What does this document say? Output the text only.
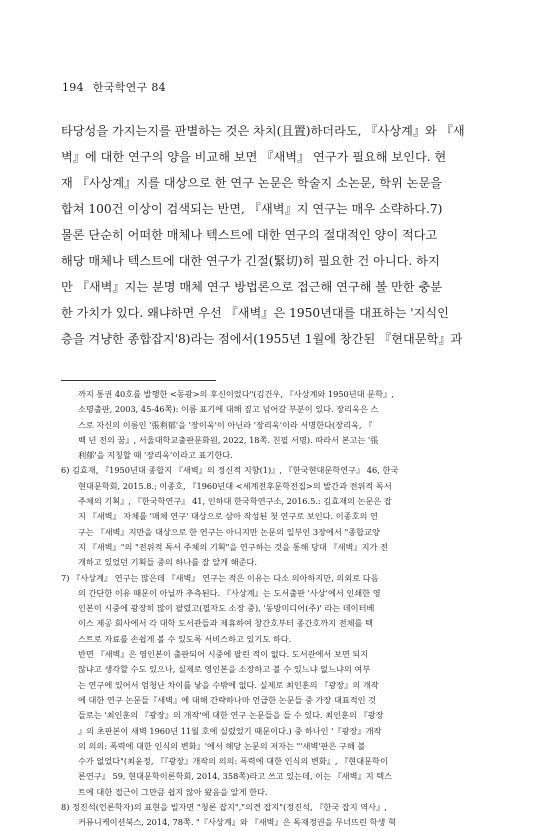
194 한국학연구 84
타당성을 가지는지를 판별하는 것은 차치(且置)하더라도, 『사상계』와 『새
벽』에 대한 연구의 양을 비교해 보면 『새벽』 연구가 필요해 보인다. 현
재 『사상계』지를 대상으로 한 연구 논문은 학술지 소논문, 학위 논문을
합쳐 100건 이상이 검색되는 반면, 『새벽』지 연구는 매우 소략하다.7)
물론 단순히 어떠한 매체나 텍스트에 대한 연구의 절대적인 양이 적다고
해당 매체나 텍스트에 대한 연구가 긴절(緊切)히 필요한 건 아니다. 하지
만 『새벽』지는 분명 매체 연구 방법론으로 접근해 연구해 볼 만한 충분
한 가치가 있다. 왜냐하면 우선 『새벽』은 1950년대를 대표하는 '지식인
층을 겨냥한 종합잡지'8)라는 점에서(1955년 1월에 창간된 『현대문학』과
까지 통권 40호를 발행한 <동광>의 후신이었다"(김건우, 『사상계와 1950년대 문학』,
소명출판, 2003, 45-46쪽): 이름 표기에 대해 짚고 넘어갈 부분이 있다. 장리욱은 스
스로 자신의 이름인 '張利郁'을 '장이욱'이 아닌라 '장리욱'이라 서명한다(장리욱, 『
백 년 전의 꿈』, 서울대학교출판문화원, 2022, 18쪽. 친필 서명). 따라서 본고는 '張
利郁'을 지칭할 때 '장리욱'이라고 표기한다.
6) 김효재, 『1950년대 종합지 『새벽』의 정신적 지향(1)』, 『한국현대문학연구』 46, 한국
현대문학회, 2015.8.; 이종호, 『1960년대 <세계전후문학전집>의 발간과 전위적 독서
주체의 기획』, 『한국학연구』 41, 인하대 한국학연구소, 2016.5.: 김효재의 논문은 잡
지 『새벽』 자체를 '매체 연구' 대상으로 삼아 작성된 첫 연구로 보인다. 이종호의 연
구는 『새벽』지만을 대상으로 한 연구는 아니지만 논문의 일부인 3장에서 "종합교양
지 『새벽』"의 "전위적 독서 주체의 기획"을 연구하는 것을 통해 당대 『새벽』지가 전
개하고 있었던 기획들 중의 하나를 잘 알게 해준다.
7) 『사상계』 연구는 많은데 『새벽』 연구는 적은 이유는 다소 의아하지만, 의외로 다음
의 간단한 이유 때문이 아닐까 추측된다. 『사상계』는 도서출판 '사상'에서 인쇄한 영
인본이 시중에 광장히 많이 팔렸고(필자도 소장 중), '동방미디어(주)' 라는 데이터베
이스 제공 회사에서 각 대학 도서관들과 제휴하여 창간호부터 종간호까지 전체를 텍
스트로 자료를 손쉽게 볼 수 있도록 서비스하고 있기도 하다.
반면 『새벽』은 영인본이 출판되어 시중에 팔린 적이 없다. 도서관에서 보면 되지
않냐고 생각할 수도 있으나, 실제로 영인본을 소장하고 볼 수 있느냐 없느냐의 여부
는 연구에 있어서 엄청난 차이를 낳을 수밖에 없다. 실제로 최인훈의 『광장』의 개작
에 대한 연구 논문들『새벽』에 대해 간략하나마 언급한 논문들 중 가장 대표적인 것
들로는 '최인훈의 『광장』의 개작'에 대한 연구 논문들을 들 수 있다. 최인훈의 『광장
』의 초판본이 새벽 1960년 11월 호에 실렸었기 때문이다.) 중 하나인 '『광장』개작
의 의의: 폭력에 대한 인식의 변화』'에서 해당 논문의 저자는 "'새벽'판은 구해 볼
수가 없었다"(최윤정, 『『광장』개작의 의의: 폭력에 대한 인식의 변화』, 『현대문학이
론연구』 59, 현대문학이론학회, 2014, 358쪽)라고 쓰고 있는데, 이는 『새벽』지 텍스
트에 대한 접근이 그만큼 쉽지 않아 왔음을 알게 한다.
8) 정진석(언론학자)의 표현을 빌자면 "청론 잡지","의견 잡지"(정진석, 『한국 잡지 역사』,
커뮤니케이션북스, 2014, 78쪽. "『사상계』와 『새벽』은 독재정권을 무너뜨린 학생 혁
